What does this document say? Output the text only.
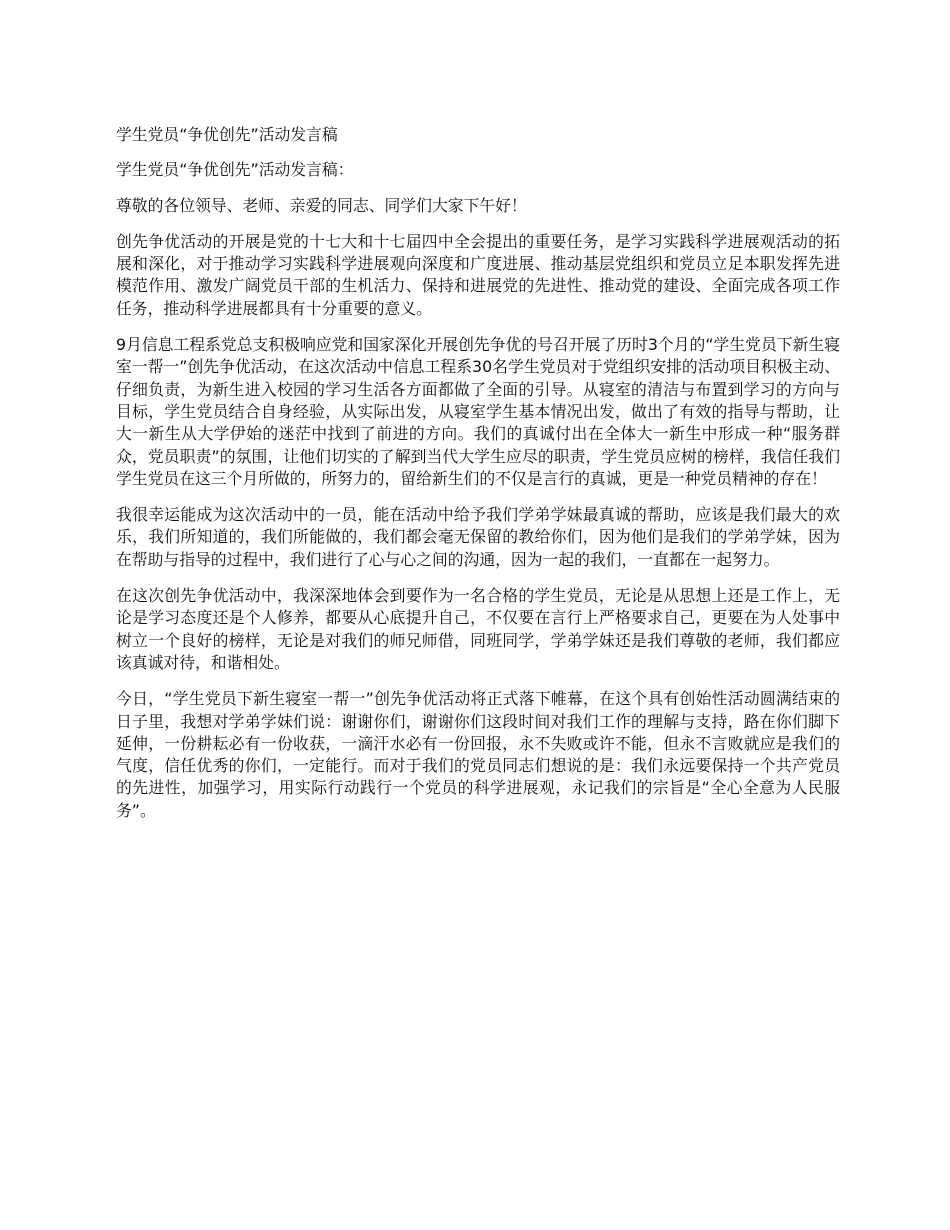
学生党员“争优创先”活动发言稿

学生党员“争优创先”活动发言稿：

尊敬的各位领导、老师、亲爱的同志、同学们大家下午好！

创先争优活动的开展是党的十七大和十七届四中全会提出的重要任务，是学习实践科学进展观活动的拓展和深化，对于推动学习实践科学进展观向深度和广度进展、推动基层党组织和党员立足本职发挥先进模范作用、激发广阔党员干部的生机活力、保持和进展党的先进性、推动党的建设、全面完成各项工作任务，推动科学进展都具有十分重要的意义。

9月信息工程系党总支积极响应党和国家深化开展创先争优的号召开展了历时3个月的“学生党员下新生寝室一帮一”创先争优活动，在这次活动中信息工程系30名学生党员对于党组织安排的活动项目积极主动、仔细负责，为新生进入校园的学习生活各方面都做了全面的引导。从寝室的清洁与布置到学习的方向与目标，学生党员结合自身经验，从实际出发，从寝室学生基本情况出发，做出了有效的指导与帮助，让大一新生从大学伊始的迷茫中找到了前进的方向。我们的真诚付出在全体大一新生中形成一种“服务群众，党员职责”的氛围，让他们切实的了解到当代大学生应尽的职责，学生党员应树的榜样，我信任我们学生党员在这三个月所做的，所努力的，留给新生们的不仅是言行的真诚，更是一种党员精神的存在！

我很幸运能成为这次活动中的一员，能在活动中给予我们学弟学妹最真诚的帮助，应该是我们最大的欢乐，我们所知道的，我们所能做的，我们都会毫无保留的教给你们，因为他们是我们的学弟学妹，因为在帮助与指导的过程中，我们进行了心与心之间的沟通，因为一起的我们，一直都在一起努力。

在这次创先争优活动中，我深深地体会到要作为一名合格的学生党员，无论是从思想上还是工作上，无论是学习态度还是个人修养，都要从心底提升自己，不仅要在言行上严格要求自己，更要在为人处事中树立一个良好的榜样，无论是对我们的师兄师借，同班同学，学弟学妹还是我们尊敬的老师，我们都应该真诚对待，和谐相处。

今日，“学生党员下新生寝室一帮一”创先争优活动将正式落下帷幕，在这个具有创始性活动圆满结束的日子里，我想对学弟学妹们说：谢谢你们，谢谢你们这段时间对我们工作的理解与支持，路在你们脚下延伸，一份耕耘必有一份收获，一滴汗水必有一份回报，永不失败或许不能，但永不言败就应是我们的气度，信任优秀的你们，一定能行。而对于我们的党员同志们想说的是：我们永远要保持一个共产党员的先进性，加强学习，用实际行动践行一个党员的科学进展观，永记我们的宗旨是“全心全意为人民服务”。
